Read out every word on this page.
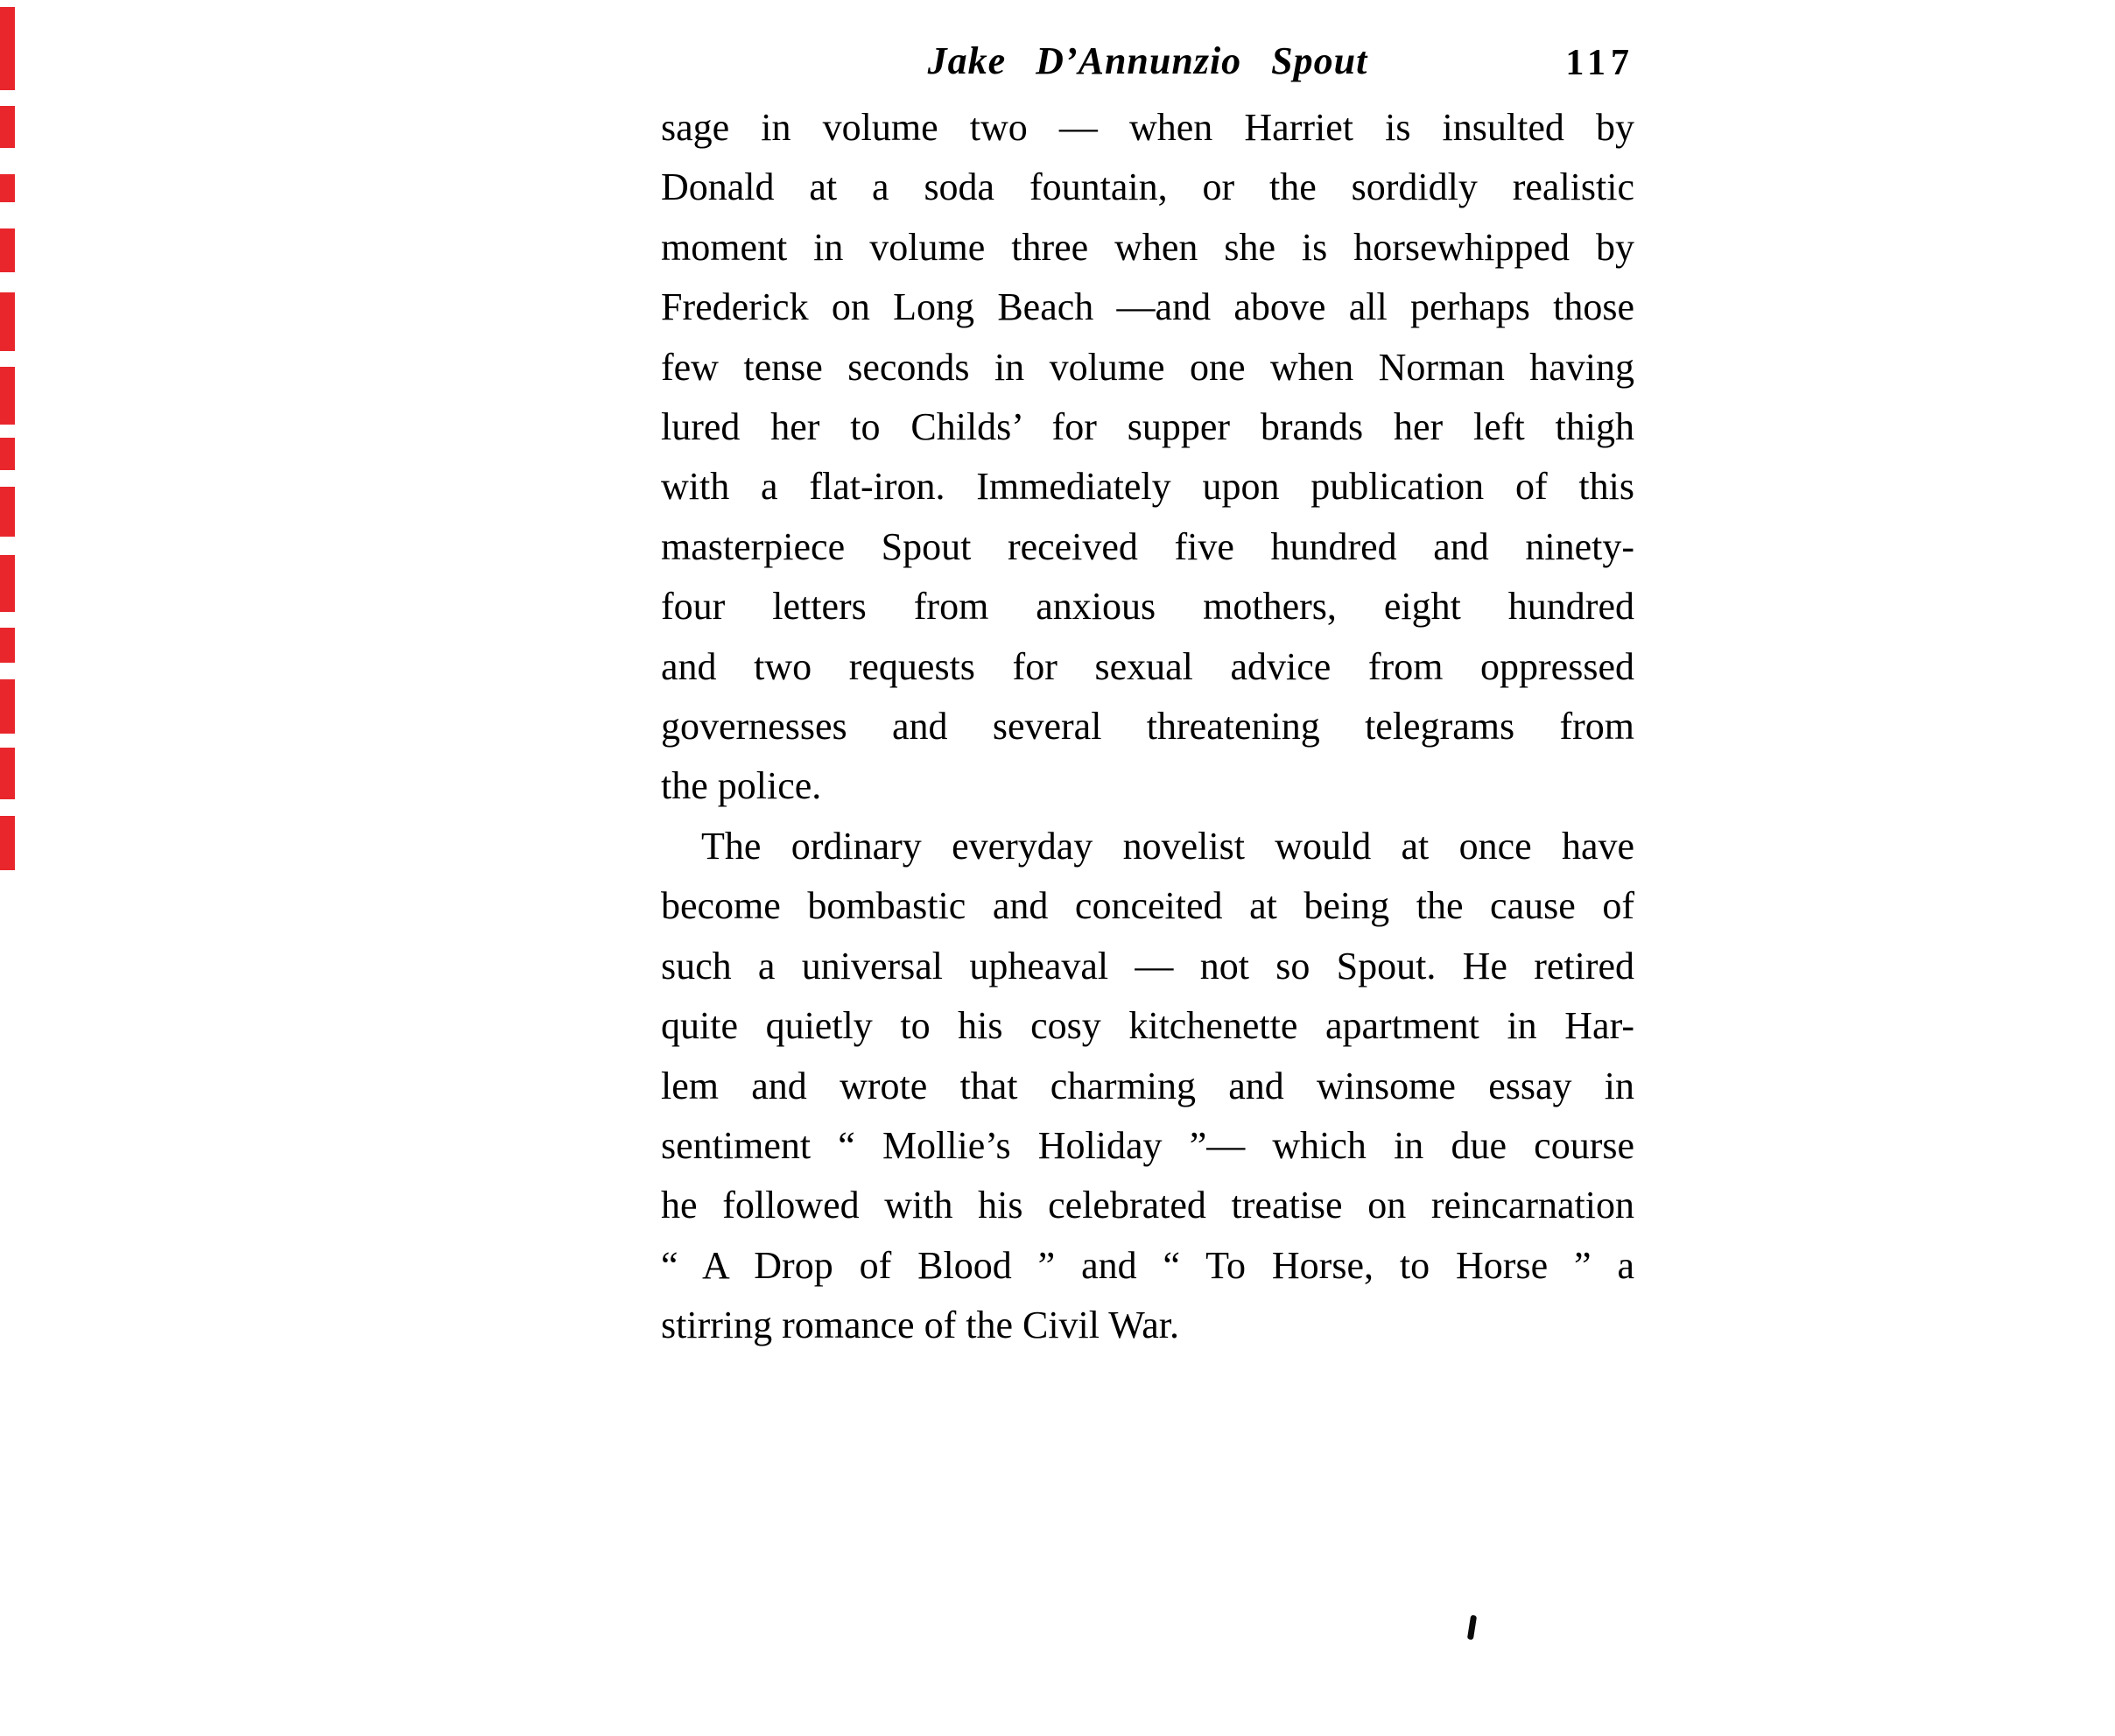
Jake D’Annunzio Spout	117
sage in volume two — when Harriet is insulted by
Donald at a soda fountain, or the sordidly realistic
moment in volume three when she is horsewhipped by
Frederick on Long Beach —and above all perhaps those
few tense seconds in volume one when Norman having
lured her to Childs’ for supper brands her left thigh
with a flat-iron. Immediately upon publication of this
masterpiece Spout received five hundred and ninety-
four letters from anxious mothers, eight hundred
and two requests for sexual advice from oppressed
governesses and several threatening telegrams from
the police.
The ordinary everyday novelist would at once have
become bombastic and conceited at being the cause of
such a universal upheaval — not so Spout. He retired
quite quietly to his cosy kitchenette apartment in Har-
lem and wrote that charming and winsome essay in
sentiment “ Mollie’s Holiday ”— which in due course
he followed with his celebrated treatise on reincarnation
“ A Drop of Blood ” and “ To Horse, to Horse ” a
stirring romance of the Civil War.
